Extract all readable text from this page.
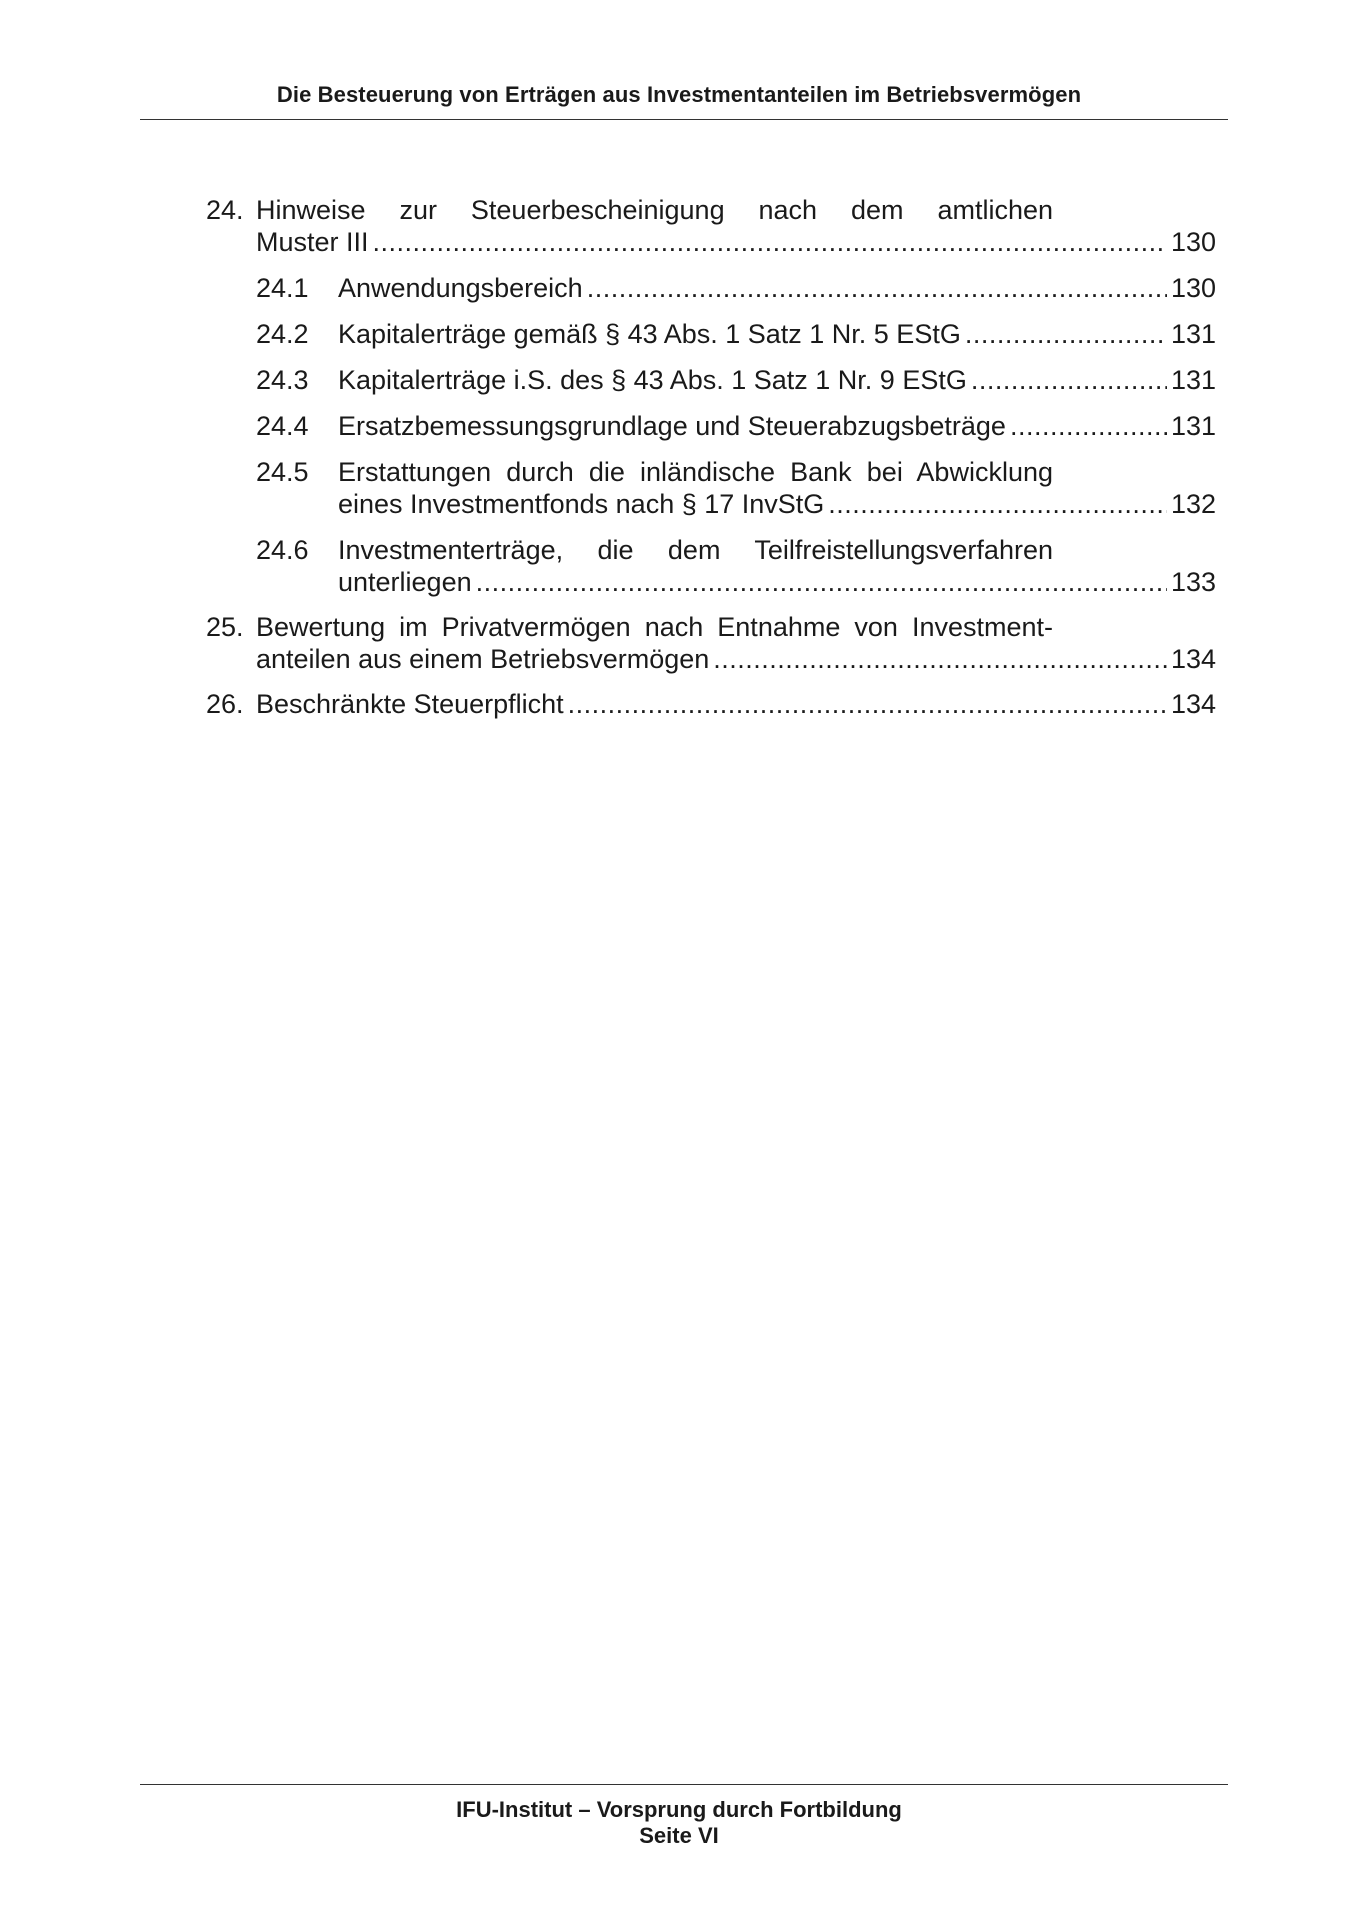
Die Besteuerung von Erträgen aus Investmentanteilen im Betriebsvermögen
24. Hinweise zur Steuerbescheinigung nach dem amtlichen
Muster III .....	130
24.1 Anwendungsbereich .....	130
24.2 Kapitalerträge gemäß § 43 Abs. 1 Satz 1 Nr. 5 EStG .....	131
24.3 Kapitalerträge i.S. des § 43 Abs. 1 Satz 1 Nr. 9 EStG .....	131
24.4 Ersatzbemessungsgrundlage und Steuerabzugsbeträge .....	131
24.5 Erstattungen durch die inländische Bank bei Abwicklung
eines Investmentfonds nach § 17 InvStG .....	132
24.6 Investmenterträge, die dem Teilfreistellungsverfahren
unterliegen .....	133
25. Bewertung im Privatvermögen nach Entnahme von Investment-
anteilen aus einem Betriebsvermögen .....	134
26. Beschränkte Steuerpflicht .....	134
IFU-Institut – Vorsprung durch Fortbildung
Seite VI
